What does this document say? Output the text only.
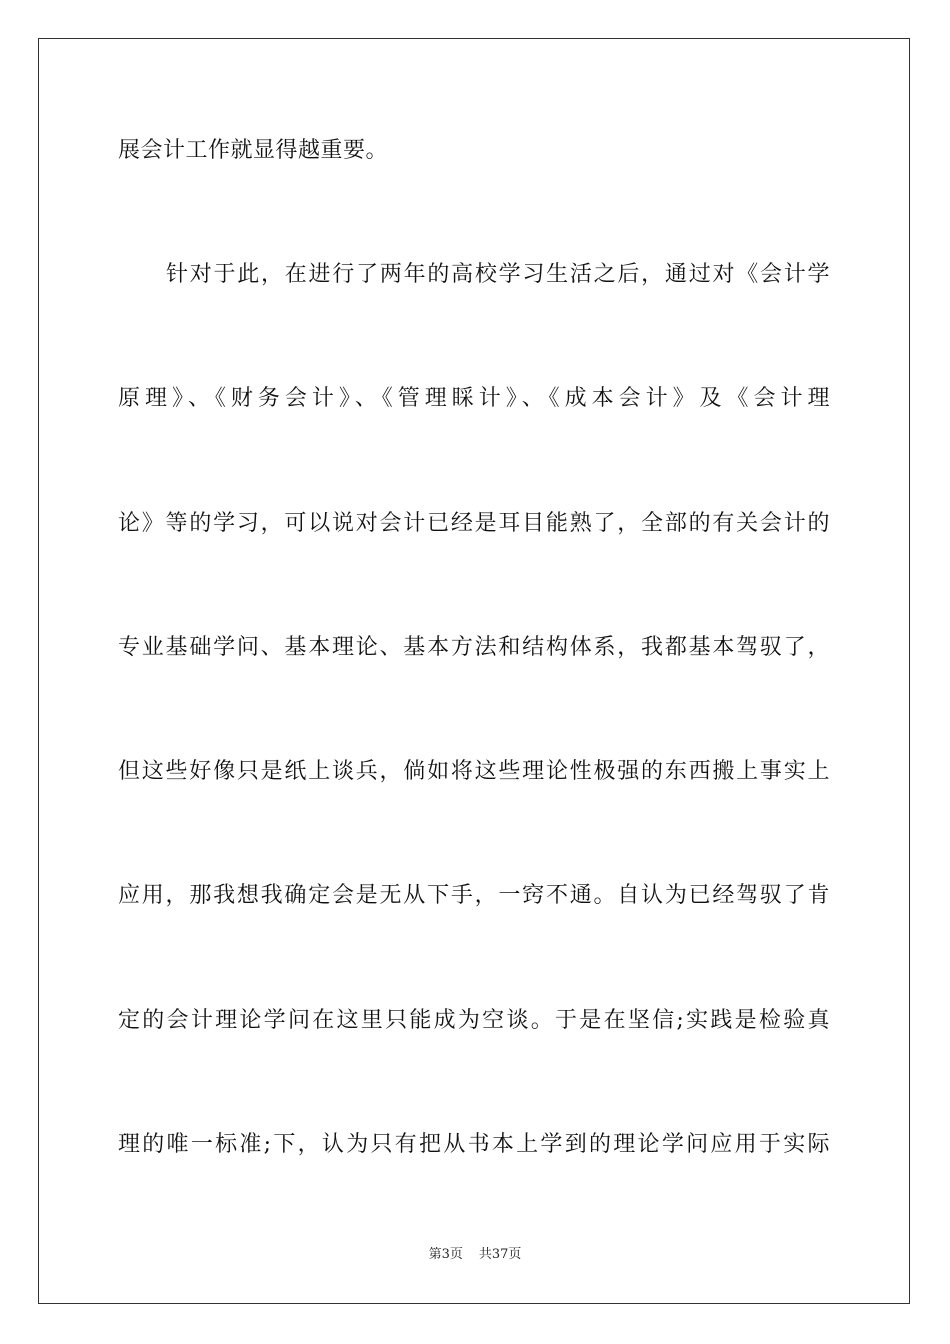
展会计工作就显得越重要。
针对于此，在进行了两年的高校学习生活之后，通过对《会计学
原理》、《财务会计》、《管理睬计》、《成本会计》及《会计理
论》等的学习，可以说对会计已经是耳目能熟了，全部的有关会计的
专业基础学问、基本理论、基本方法和结构体系，我都基本驾驭了，
但这些好像只是纸上谈兵，倘如将这些理论性极强的东西搬上事实上
应用，那我想我确定会是无从下手，一窍不通。自认为已经驾驭了肯
定的会计理论学问在这里只能成为空谈。于是在坚信;实践是检验真
理的唯一标准;下，认为只有把从书本上学到的理论学问应用于实际
第3页 共37页
